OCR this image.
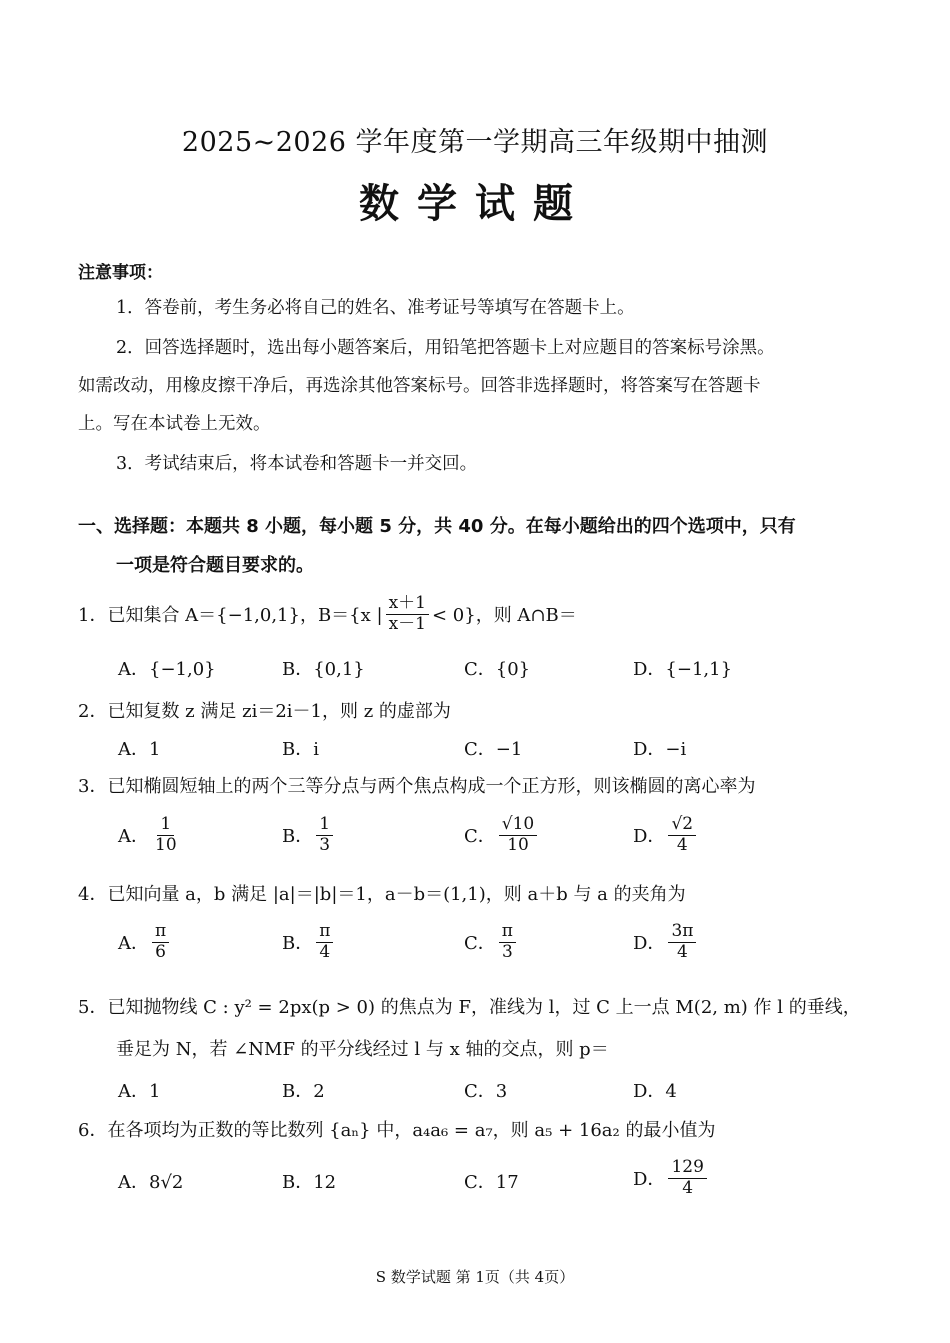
2025~2026 学年度第一学期高三年级期中抽测
数学试题
注意事项：
1．答卷前，考生务必将自己的姓名、准考证号等填写在答题卡上。
2．回答选择题时，选出每小题答案后，用铅笔把答题卡上对应题目的答案标号涂黑。
如需改动，用橡皮擦干净后，再选涂其他答案标号。回答非选择题时，将答案写在答题卡
上。写在本试卷上无效。
3．考试结束后，将本试卷和答题卡一并交回。
一、选择题：本题共 8 小题，每小题 5 分，共 40 分。在每小题给出的四个选项中，只有
一项是符合题目要求的。
1．已知集合 A＝{−1,0,1}，B＝{x | $\frac{x+1}{x-1} < 0$}，则 A∩B＝
A．{−1,0}	B．{0,1}	C．{0}	D．{−1,1}
2．已知复数 z 满足 zi＝2i－1，则 z 的虚部为
A．1	B．i	C．−1	D．−i
3．已知椭圆短轴上的两个三等分点与两个焦点构成一个正方形，则该椭圆的离心率为
A． $\frac{1}{10}$	B． $\frac{1}{3}$	C． $\frac{√10}{10}$	D． $\frac{√2}{4}$
4．已知向量 a，b 满足 |a|＝|b|＝1，a－b＝(1,1)，则 a＋b 与 a 的夹角为
A． $\frac{\pi}{6}$	B． $\frac{\pi}{4}$	C． $\frac{\pi}{3}$	D． $\frac{3\pi}{4}$
5．已知抛物线 C : y² = 2px(p > 0) 的焦点为 F，准线为 l，过 C 上一点 M(2, m) 作 l 的垂线，
垂足为 N，若 ∠NMF 的平分线经过 l 与 x 轴的交点，则 p＝
A．1	B．2	C．3	D．4
6．在各项均为正数的等比数列 {aₙ} 中，a₄a₆ = a₇，则 a₅ + 16a₂ 的最小值为
A．8√2	B．12	C．17	D． $\frac{129}{4}$
S 数学试题 第 1页（共 4页）
